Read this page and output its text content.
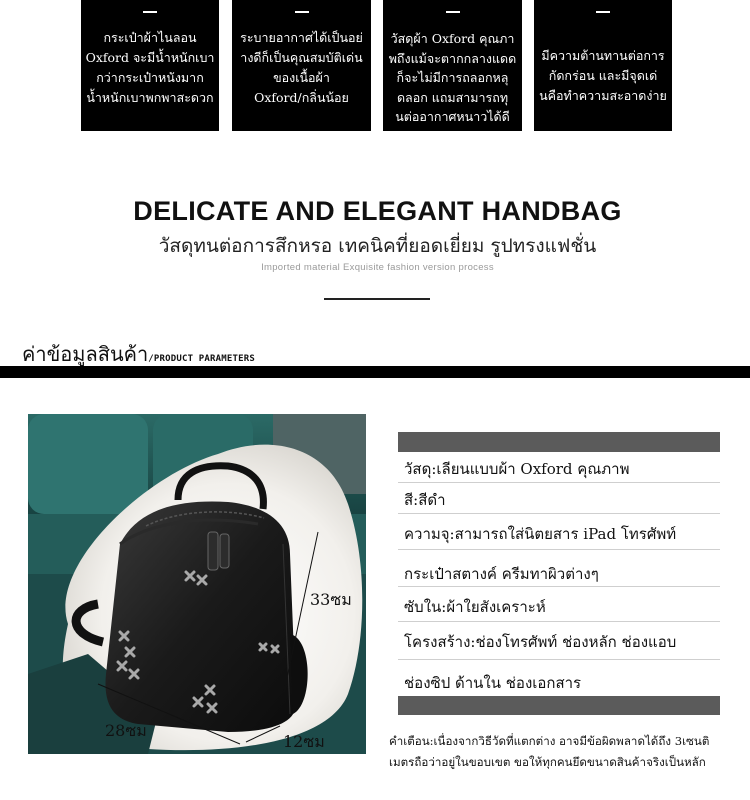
กระเป๋าผ้าไนลอน
Oxford จะมีน้ำหนักเบา
กว่ากระเป๋าหนังมาก
น้ำหนักเบาพกพาสะดวก
ระบายอากาศได้เป็นอย่
างดีก็เป็นคุณสมบัติเด่น
ของเนื้อผ้า
Oxford/กลิ่นน้อย
วัสดุผ้า Oxford คุณภา
พถึงแม้จะตากกลางแดด
ก็จะไม่มีการถลอกหลุ
ดลอก แถมสามารถทุ
นต่ออากาศหนาวได้ดี
มีความต้านทานต่อการ
กัดกร่อน และมีจุดเด่
นคือทำความสะอาดง่าย
DELICATE AND ELEGANT HANDBAG
วัสดุทนต่อการสึกหรอ เทคนิคที่ยอดเยี่ยม รูปทรงแฟชั่น
Imported material Exquisite fashion version process
ค่าข้อมูลสินค้า/PRODUCT PARAMETERS
33ซม
28ซม
12ซม
วัสดุ:เลียนแบบผ้า Oxford คุณภาพ
สี:สีดำ
ความจุ:สามารถใส่นิตยสาร iPad โทรศัพท์
กระเป๋าสตางค์ ครีมทาผิวต่างๆ
ซับใน:ผ้าใยสังเคราะห์
โครงสร้าง:ช่องโทรศัพท์ ช่องหลัก ช่องแอบ
ช่องซิป ด้านใน ช่องเอกสาร
คำเตือน:เนื่องจากวิธีวัดที่แตกต่าง อาจมีข้อผิดพลาดได้ถึง 3เซนติ
เมตรถือว่าอยู่ในขอบเขต ขอให้ทุกคนยึดขนาดสินค้าจริงเป็นหลัก
